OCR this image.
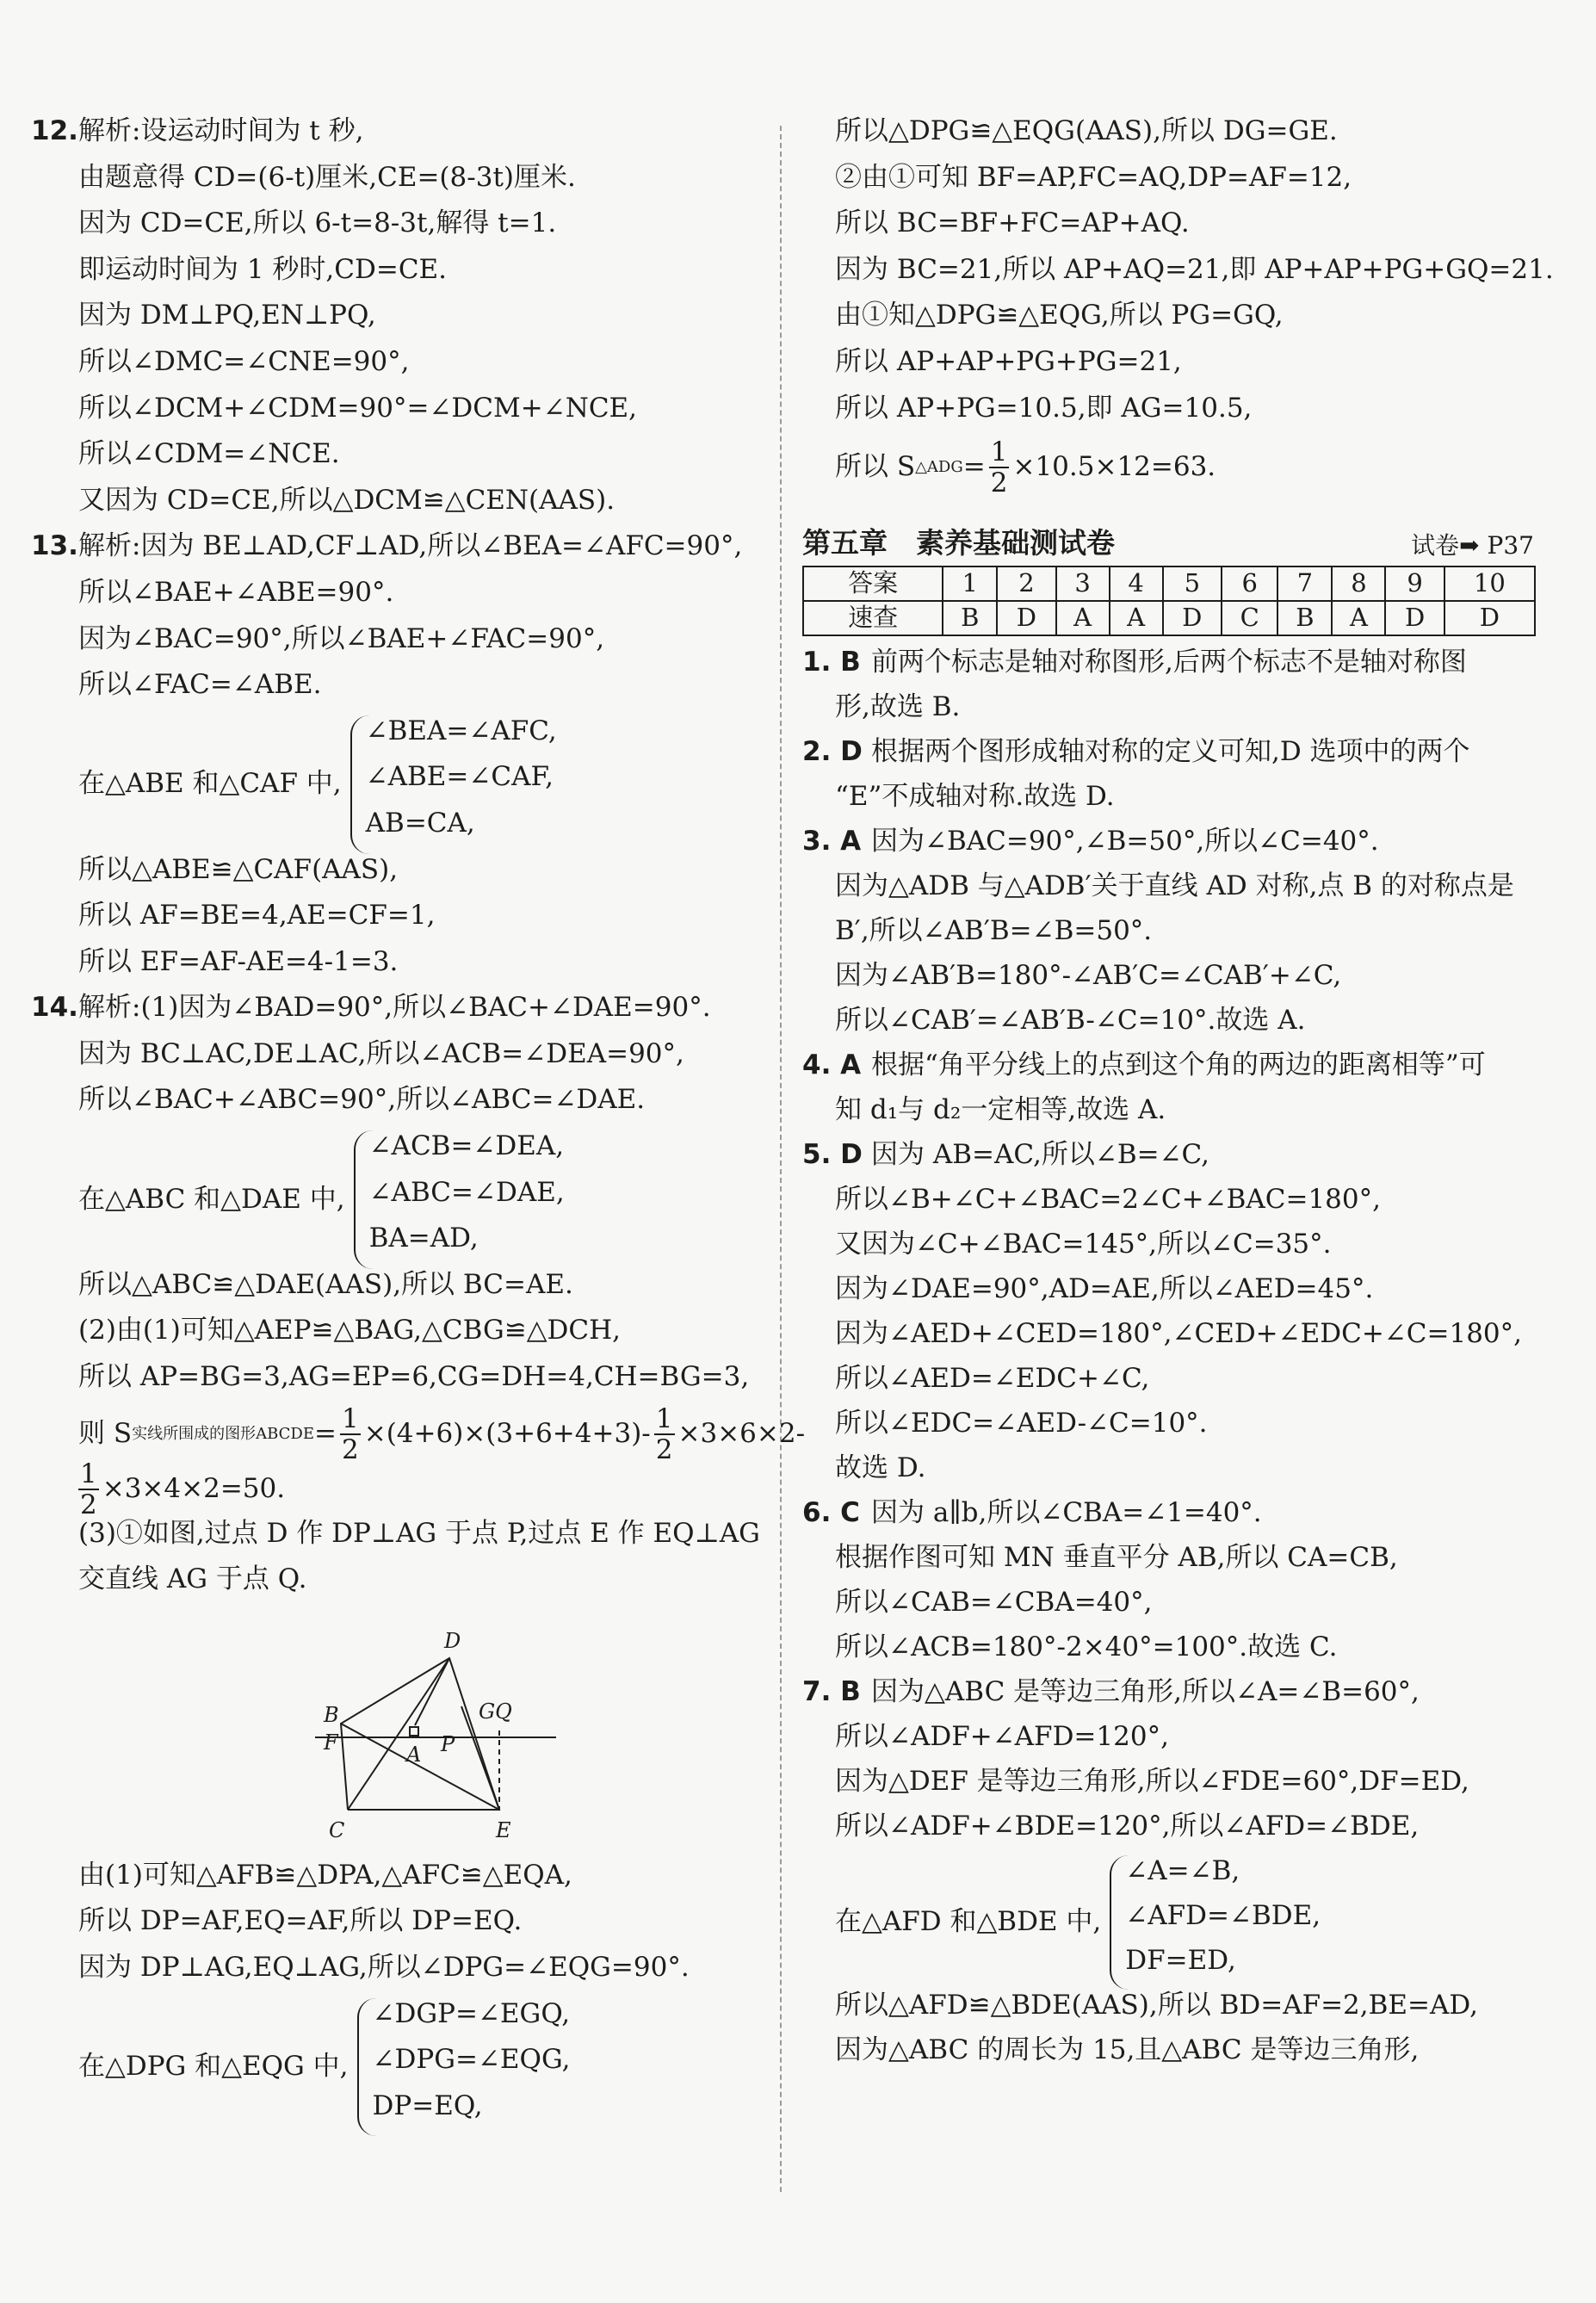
12. 解析:设运动时间为 t 秒,
由题意得 CD=(6-t)厘米,CE=(8-3t)厘米.
因为 CD=CE,所以 6-t=8-3t,解得 t=1.
即运动时间为 1 秒时,CD=CE.
因为 DM⊥PQ,EN⊥PQ,
所以∠DMC=∠CNE=90°,
所以∠DCM+∠CDM=90°=∠DCM+∠NCE,
所以∠CDM=∠NCE.
又因为 CD=CE,所以△DCM≌△CEN(AAS).
13. 解析:因为 BE⊥AD,CF⊥AD,所以∠BEA=∠AFC=90°,
所以∠BAE+∠ABE=90°.
因为∠BAC=90°,所以∠BAE+∠FAC=90°,
所以∠FAC=∠ABE.
在△ABE 和△CAF 中,
∠BEA=∠AFC,
∠ABE=∠CAF,
AB=CA,
所以△ABE≌△CAF(AAS),
所以 AF=BE=4,AE=CF=1,
所以 EF=AF-AE=4-1=3.
14. 解析:(1)因为∠BAD=90°,所以∠BAC+∠DAE=90°.
因为 BC⊥AC,DE⊥AC,所以∠ACB=∠DEA=90°,
所以∠BAC+∠ABC=90°,所以∠ABC=∠DAE.
在△ABC 和△DAE 中,
∠ACB=∠DEA,
∠ABC=∠DAE,
BA=AD,
所以△ABC≌△DAE(AAS),所以 BC=AE.
(2)由(1)可知△AEP≌△BAG,△CBG≌△DCH,
所以 AP=BG=3,AG=EP=6,CG=DH=4,CH=BG=3,
则 S 实线所围成的图形ABCDE = $\frac{1}{2} \times(4+6)\times(3+6+4+3)- \frac{1}{2} \times 3\times 6\times 2-$
$\frac{1}{2} \times 3\times 4\times 2=50$.
(3)①如图,过点 D 作 DP⊥AG 于点 P,过点 E 作 EQ⊥AG
交直线 AG 于点 Q.
D
B	GQ
F	A P
C	E
由(1)可知△AFB≌△DPA,△AFC≌△EQA,
所以 DP=AF,EQ=AF,所以 DP=EQ.
因为 DP⊥AG,EQ⊥AG,所以∠DPG=∠EQG=90°.
在△DPG 和△EQG 中,
∠DGP=∠EGQ,
∠DPG=∠EQG,
DP=EQ,
所以△DPG≌△EQG(AAS),所以 DG=GE.
②由①可知 BF=AP,FC=AQ,DP=AF=12,
所以 BC=BF+FC=AP+AQ.
因为 BC=21,所以 AP+AQ=21,即 AP+AP+PG+GQ=21.
由①知△DPG≌△EQG,所以 PG=GQ,
所以 AP+AP+PG+PG=21,
所以 AP+PG=10.5,即 AG=10.5,
所以 S △ADG = $\frac{1}{2} \times 10.5\times 12=63$.
第五章　素养基础测试卷	试卷➡ P37
答案	1	2	3	4	5	6	7	8	9	10
速查	B	D	A	A	D	C	B	A	D	D
1. B 前两个标志是轴对称图形,后两个标志不是轴对称图
形,故选 B.
2. D 根据两个图形成轴对称的定义可知,D 选项中的两个
“E”不成轴对称.故选 D.
3. A 因为∠BAC=90°,∠B=50°,所以∠C=40°.
因为△ADB 与△ADB′关于直线 AD 对称,点 B 的对称点是
B′,所以∠AB′B=∠B=50°.
因为∠AB′B=180°-∠AB′C=∠CAB′+∠C,
所以∠CAB′=∠AB′B-∠C=10°.故选 A.
4. A 根据“角平分线上的点到这个角的两边的距离相等”可
知 d₁与 d₂一定相等,故选 A.
5. D 因为 AB=AC,所以∠B=∠C,
所以∠B+∠C+∠BAC=2∠C+∠BAC=180°,
又因为∠C+∠BAC=145°,所以∠C=35°.
因为∠DAE=90°,AD=AE,所以∠AED=45°.
因为∠AED+∠CED=180°,∠CED+∠EDC+∠C=180°,
所以∠AED=∠EDC+∠C,
所以∠EDC=∠AED-∠C=10°.
故选 D.
6. C 因为 a∥b,所以∠CBA=∠1=40°.
根据作图可知 MN 垂直平分 AB,所以 CA=CB,
所以∠CAB=∠CBA=40°,
所以∠ACB=180°-2×40°=100°.故选 C.
7. B 因为△ABC 是等边三角形,所以∠A=∠B=60°,
所以∠ADF+∠AFD=120°,
因为△DEF 是等边三角形,所以∠FDE=60°,DF=ED,
所以∠ADF+∠BDE=120°,所以∠AFD=∠BDE,
在△AFD 和△BDE 中,
∠A=∠B,
∠AFD=∠BDE,
DF=ED,
所以△AFD≌△BDE(AAS),所以 BD=AF=2,BE=AD,
因为△ABC 的周长为 15,且△ABC 是等边三角形,
